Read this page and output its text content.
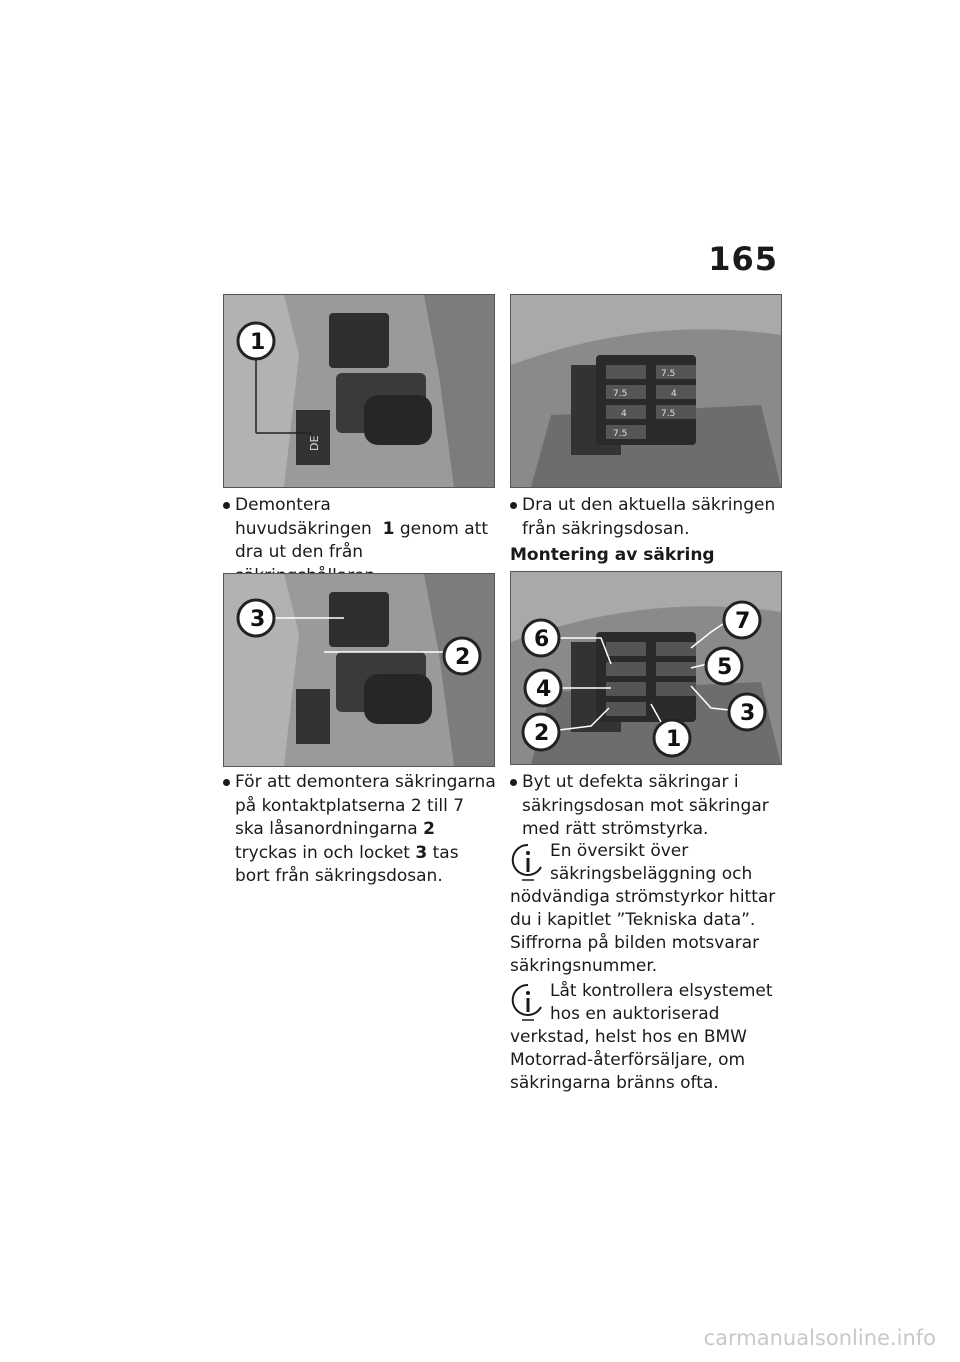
165
DE
1
Demontera huvudsäkringen 1 genom att dra ut den från
3
2
För att demontera säkringarna på kontaktplatserna 2 till 7 ska låsanordningarna 2 tryckas in och locket 3 tas bort från säkringsdosan.
7.5
4
7.5
4	7.5
7.5
Dra ut den aktuella säkringen från säkringsdosan.
Montering av säkring
6
7
5
4
3
2	1
Byt ut defekta säkringar i säkringsdosan mot säkringar med rätt strömstyrka.
En översikt över säkringsbeläggning och nödvändiga strömstyrkor hittar du i kapitlet ”Tekniska data”. Siffrorna på bilden motsvarar säkringsnummer.
Låt kontrollera elsystemet hos en auktoriserad verkstad, helst hos en BMW Motorrad-återförsäljare, om säkringarna bränns ofta.
carmanualsonline.info
